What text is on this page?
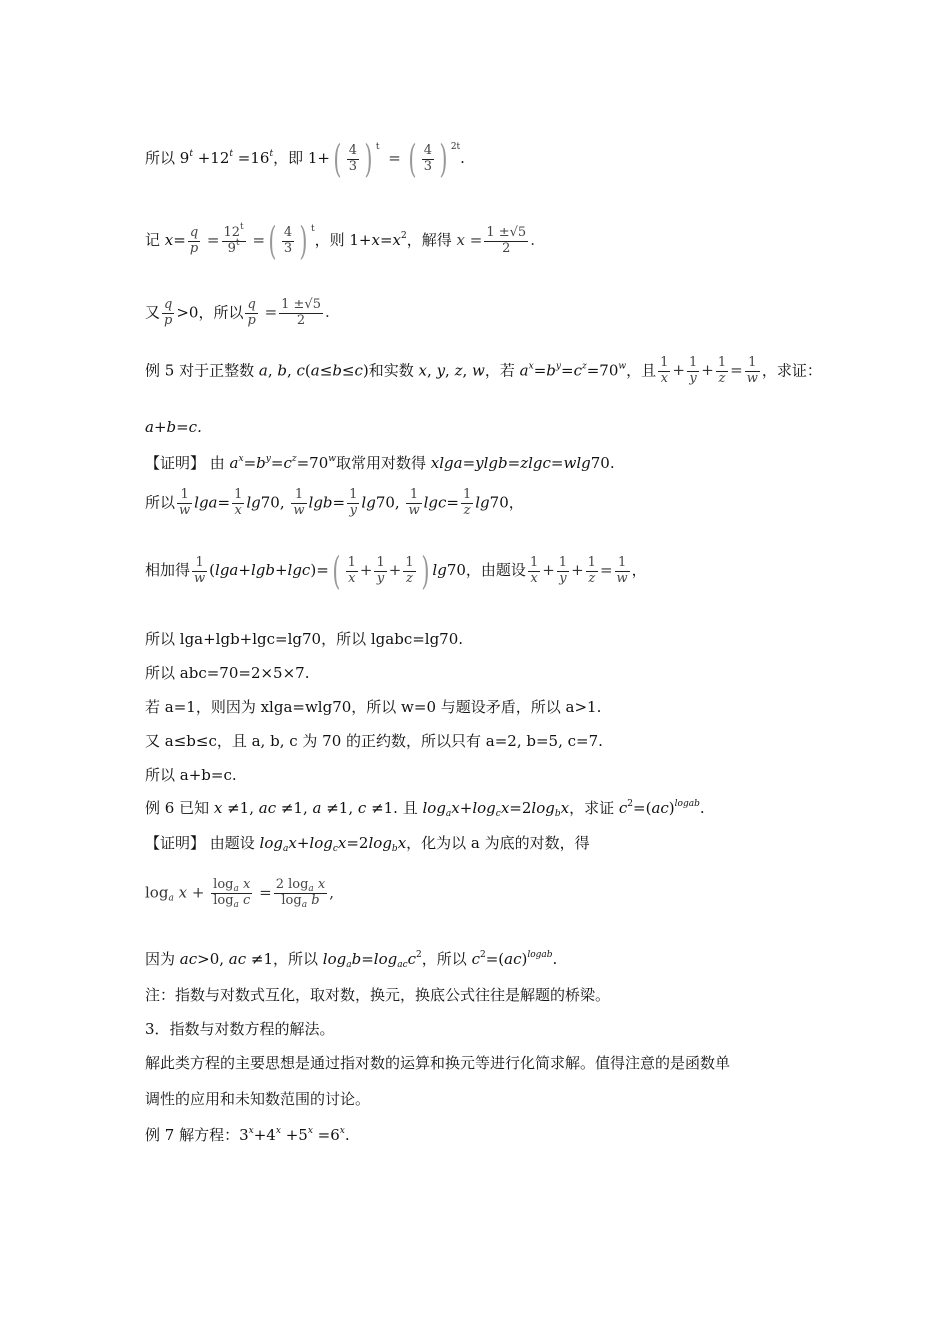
所以 $9^t +12^t =16^t$，即 $1+( \frac{4}{3}$ ) $^t$ = ( $\frac{4}{3}$ ) $^{2t}$.
记 $x= \frac{q}{p} = \frac{12^t}{9^t}$ =( $\frac{4}{3}$ ) $^t$，则 $1+x=x^2$，解得 $x = \frac{1 \pm√5}{2}$ .
又 $\frac{q}{p} >0$，所以 $\frac{q}{p} = \frac{1 \pm√5}{2}$ .
例 5 对于正整数 a, b, c(a≤b≤c)和实数 x, y, z, w，若 $a^x=b^y=c^z=70^w$，且 $\frac{1}{x} + \frac{1}{y} + \frac{1}{z} = \frac{1}{w}$ ，求证：
a+b=c.
【证明】 由 $a^x=b^y=c^z=70^w$取常用对数得 xlga=ylgb=zlgc=wlg70.
所以 $\frac{1}{w} \lg a= \frac{1}{x} \lg 70$, $\frac{1}{w} \lg b= \frac{1}{y} \lg 70$, $\frac{1}{w} \lg c= \frac{1}{z} \lg 70$，
相加得 $\frac{1}{w} (\lg a+\lg b+\lg c)=( \frac{1}{x} + \frac{1}{y} + \frac{1}{z}$ ) lg70，由题设 $\frac{1}{x} + \frac{1}{y} + \frac{1}{z} = \frac{1}{w}$ ，
所以 lga+lgb+lgc=lg70，所以 lgabc=lg70.
所以 abc=70=2×5×7.
若 a=1，则因为 xlga=wlg70，所以 w=0 与题设矛盾，所以 a>1.
又 a≤b≤c，且 a, b, c 为 70 的正约数，所以只有 a=2, b=5, c=7.
所以 a+b=c.
例 6 已知 x ≠1, ac ≠1, a ≠1, c ≠1. 且 $\log_ax+\log_cx=2\log_bx$，求证 $c^2=(ac)^{logab}$.
【证明】 由题设 $\log_ax+\log_cx=2\log_bx$，化为以 a 为底的对数，得
$\log_a x + \frac{\log_a x}{\log_a c} = \frac{2 \log_a x}{\log_a b}$ ,
因为 ac>0, ac ≠1，所以 $\log_ab=\log_{ac}c^2$，所以 $c^2=(ac)^{logab}$.
注：指数与对数式互化，取对数，换元，换底公式往往是解题的桥梁。
3．指数与对数方程的解法。
解此类方程的主要思想是通过指对数的运算和换元等进行化简求解。值得注意的是函数单
调性的应用和未知数范围的讨论。
例 7 解方程：$3^x+4^x +5^x =6^x$.
